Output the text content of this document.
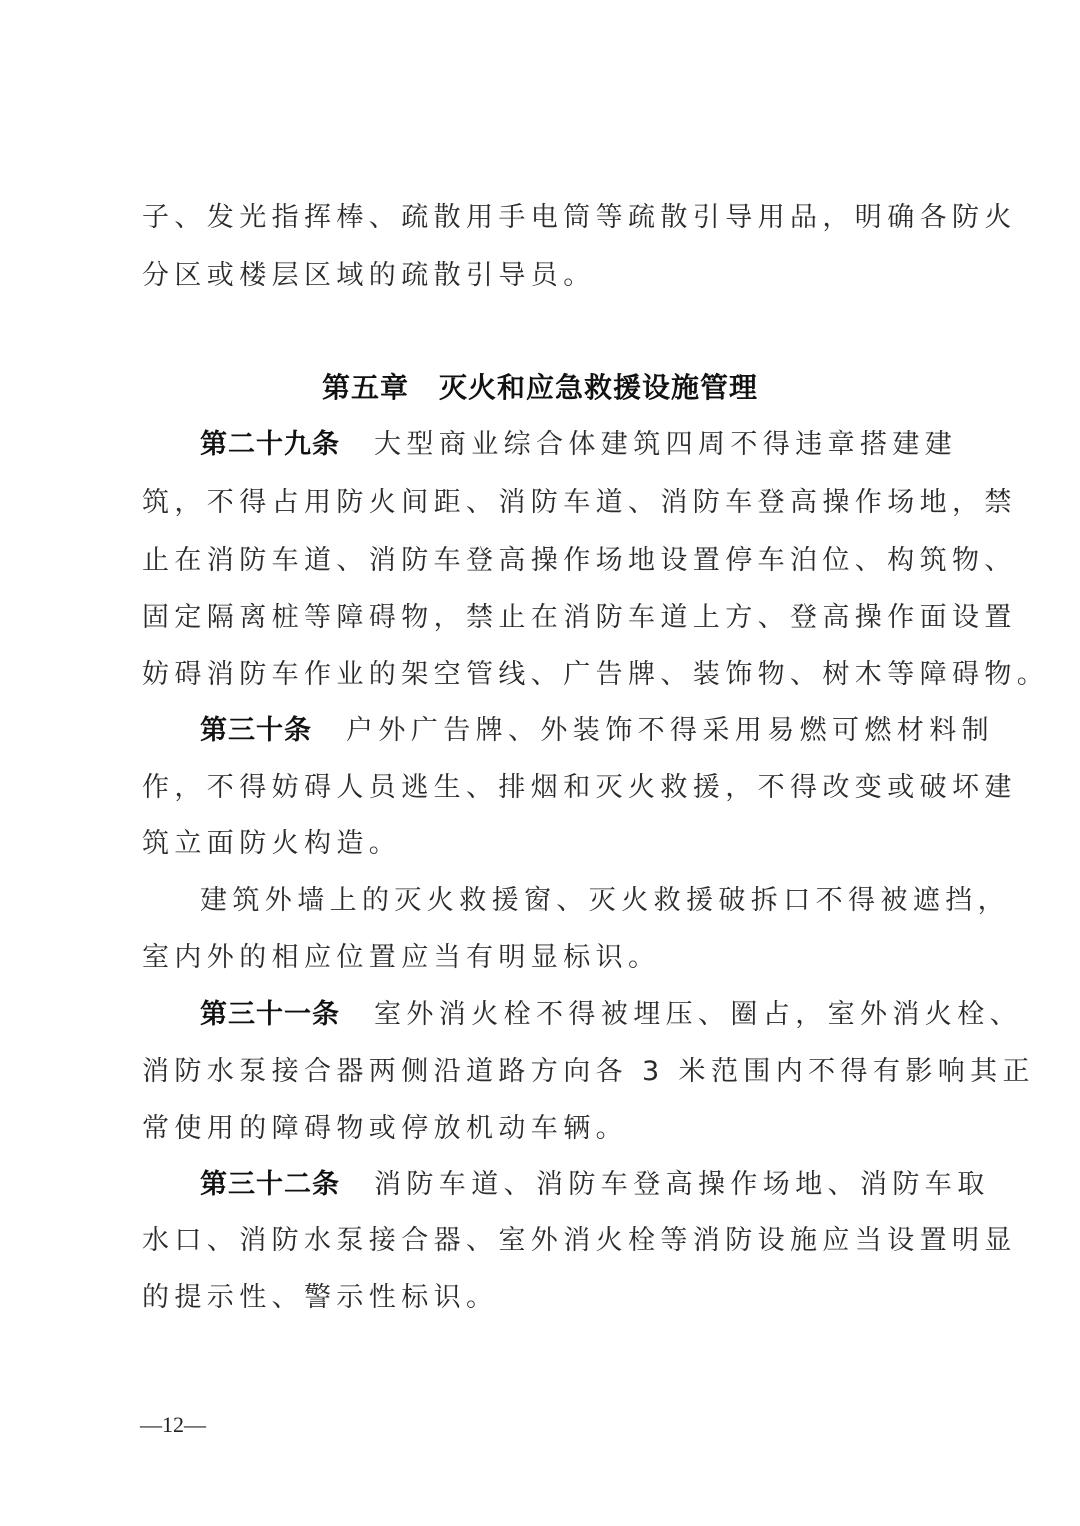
子、发光指挥棒、疏散用手电筒等疏散引导用品，明确各防火
分区或楼层区域的疏散引导员。
第五章 灭火和应急救援设施管理
第二十九条 大型商业综合体建筑四周不得违章搭建建
筑，不得占用防火间距、消防车道、消防车登高操作场地，禁
止在消防车道、消防车登高操作场地设置停车泊位、构筑物、
固定隔离桩等障碍物，禁止在消防车道上方、登高操作面设置
妨碍消防车作业的架空管线、广告牌、装饰物、树木等障碍物。
第三十条 户外广告牌、外装饰不得采用易燃可燃材料制
作，不得妨碍人员逃生、排烟和灭火救援，不得改变或破坏建
筑立面防火构造。
建筑外墙上的灭火救援窗、灭火救援破拆口不得被遮挡，
室内外的相应位置应当有明显标识。
第三十一条 室外消火栓不得被埋压、圈占，室外消火栓、
消防水泵接合器两侧沿道路方向各 3 米范围内不得有影响其正
常使用的障碍物或停放机动车辆。
第三十二条 消防车道、消防车登高操作场地、消防车取
水口、消防水泵接合器、室外消火栓等消防设施应当设置明显
的提示性、警示性标识。
—12—
